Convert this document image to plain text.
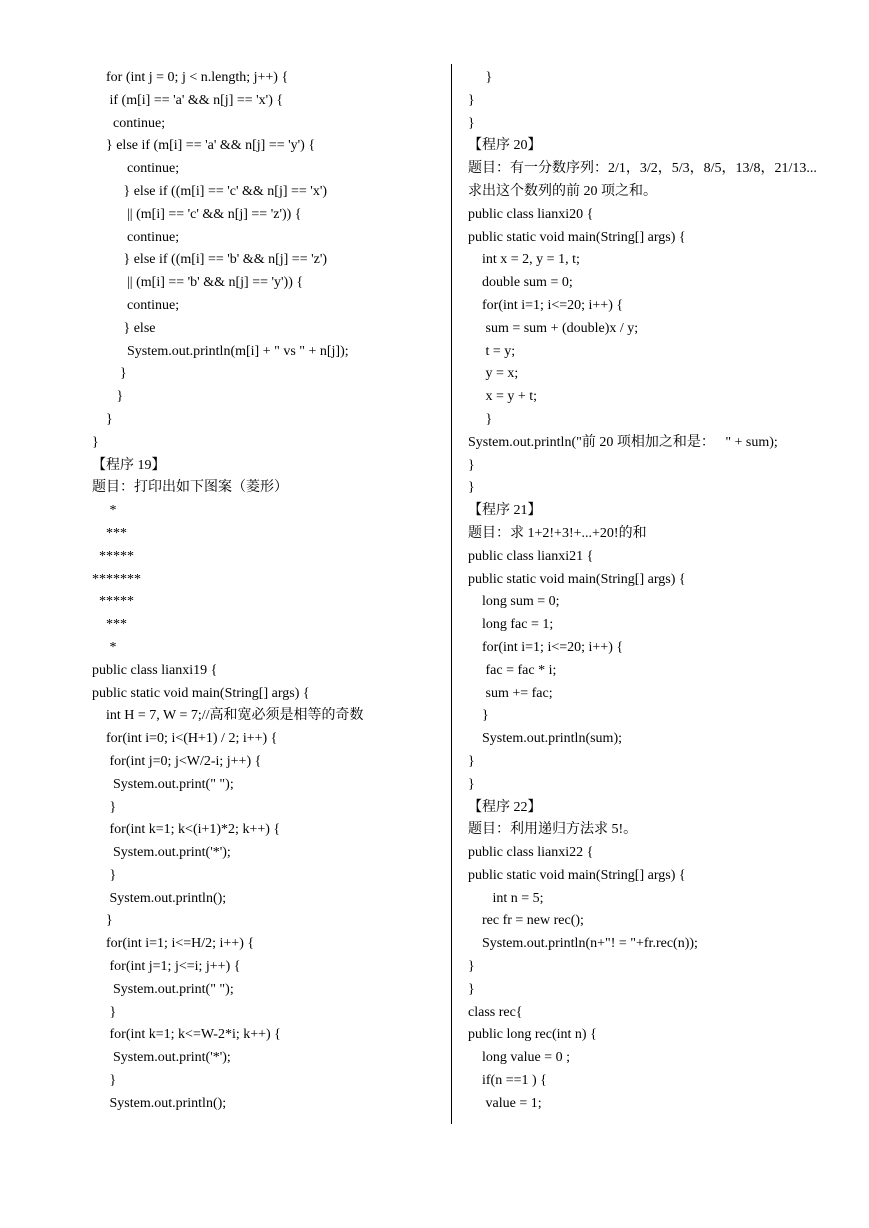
for (int j = 0; j < n.length; j++) {
if (m[i] == 'a' && n[j] == 'x') {
continue;
} else if (m[i] == 'a' && n[j] == 'y') {
continue;
} else if ((m[i] == 'c' && n[j] == 'x')
|| (m[i] == 'c' && n[j] == 'z')) {
continue;
} else if ((m[i] == 'b' && n[j] == 'z')
|| (m[i] == 'b' && n[j] == 'y')) {
continue;
} else
System.out.println(m[i] + " vs " + n[j]);
}
}
}
}
【程序 19】
题目：打印出如下图案（菱形）
*
***
*****
*******
*****
***
*
public class lianxi19 {
public static void main(String[] args) {
int H = 7, W = 7;//高和宽必须是相等的奇数
for(int i=0; i<(H+1) / 2; i++) {
for(int j=0; j<W/2-i; j++) {
System.out.print(" ");
}
for(int k=1; k<(i+1)*2; k++) {
System.out.print('*');
}
System.out.println();
}
for(int i=1; i<=H/2; i++) {
for(int j=1; j<=i; j++) {
System.out.print(" ");
}
for(int k=1; k<=W-2*i; k++) {
System.out.print('*');
}
System.out.println();
}
}
}
【程序 20】
题目：有一分数序列：2/1，3/2，5/3，8/5，13/8，21/13...
求出这个数列的前 20 项之和。
public class lianxi20 {
public static void main(String[] args) {
int x = 2, y = 1, t;
double sum = 0;
for(int i=1; i<=20; i++) {
sum = sum + (double)x / y;
t = y;
y = x;
x = y + t;
}
System.out.println("前 20 项相加之和是：   " + sum);
}
}
【程序 21】
题目：求 1+2!+3!+...+20!的和
public class lianxi21 {
public static void main(String[] args) {
long sum = 0;
long fac = 1;
for(int i=1; i<=20; i++) {
fac = fac * i;
sum += fac;
}
System.out.println(sum);
}
}
【程序 22】
题目：利用递归方法求 5!。
public class lianxi22 {
public static void main(String[] args) {
int n = 5;
rec fr = new rec();
System.out.println(n+"! = "+fr.rec(n));
}
}
class rec{
public long rec(int n) {
long value = 0 ;
if(n ==1 ) {
value = 1;
